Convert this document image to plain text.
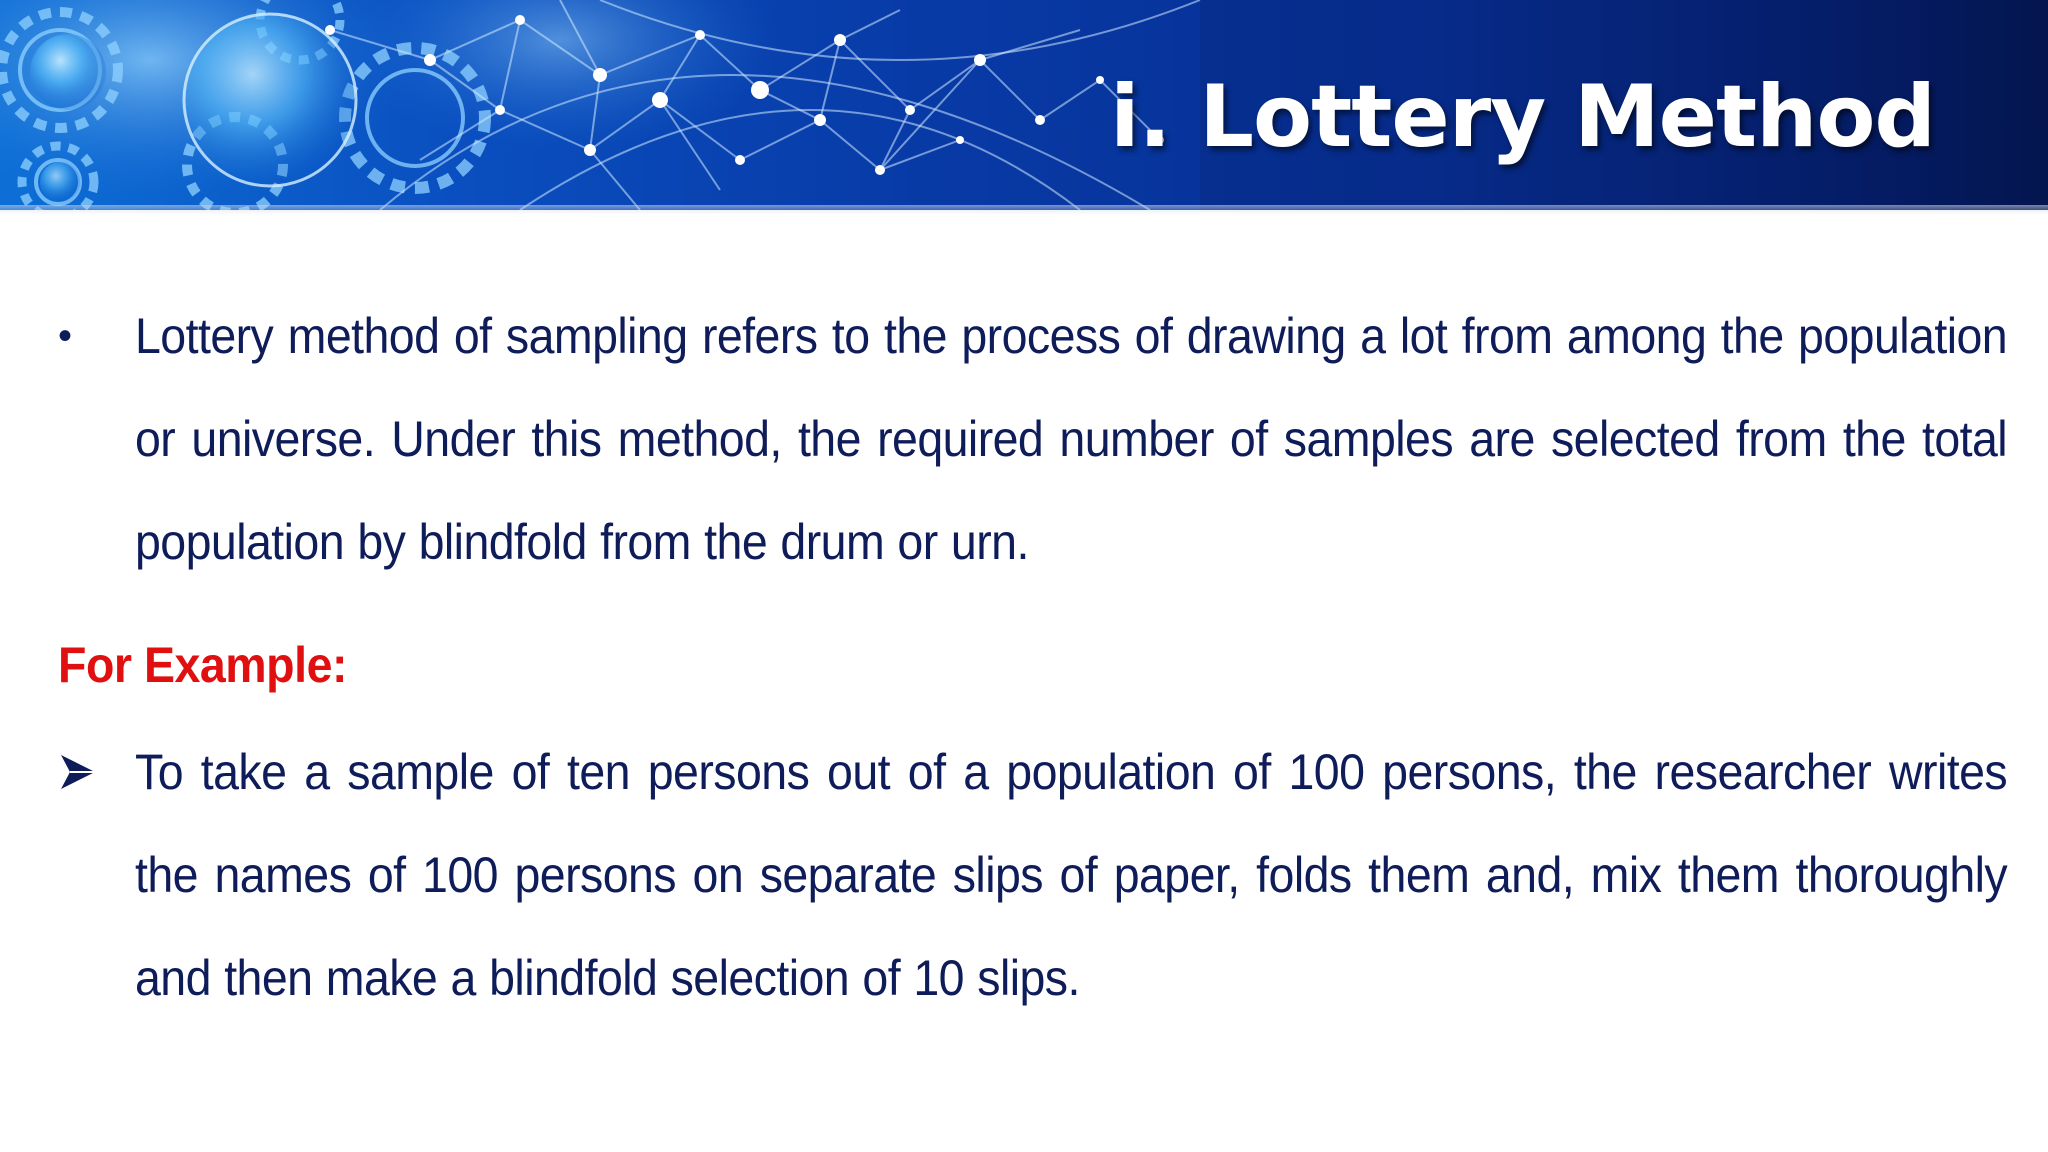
i. Lottery Method
• Lottery method of sampling refers to the process of drawing a lot from among the population or universe. Under this method, the required number of samples are selected from the total population by blindfold from the drum or urn.

For Example:

To take a sample of ten persons out of a population of 100 persons, the researcher writes the names of 100 persons on separate slips of paper, folds them and, mix them thoroughly and then make a blindfold selection of 10 slips.
